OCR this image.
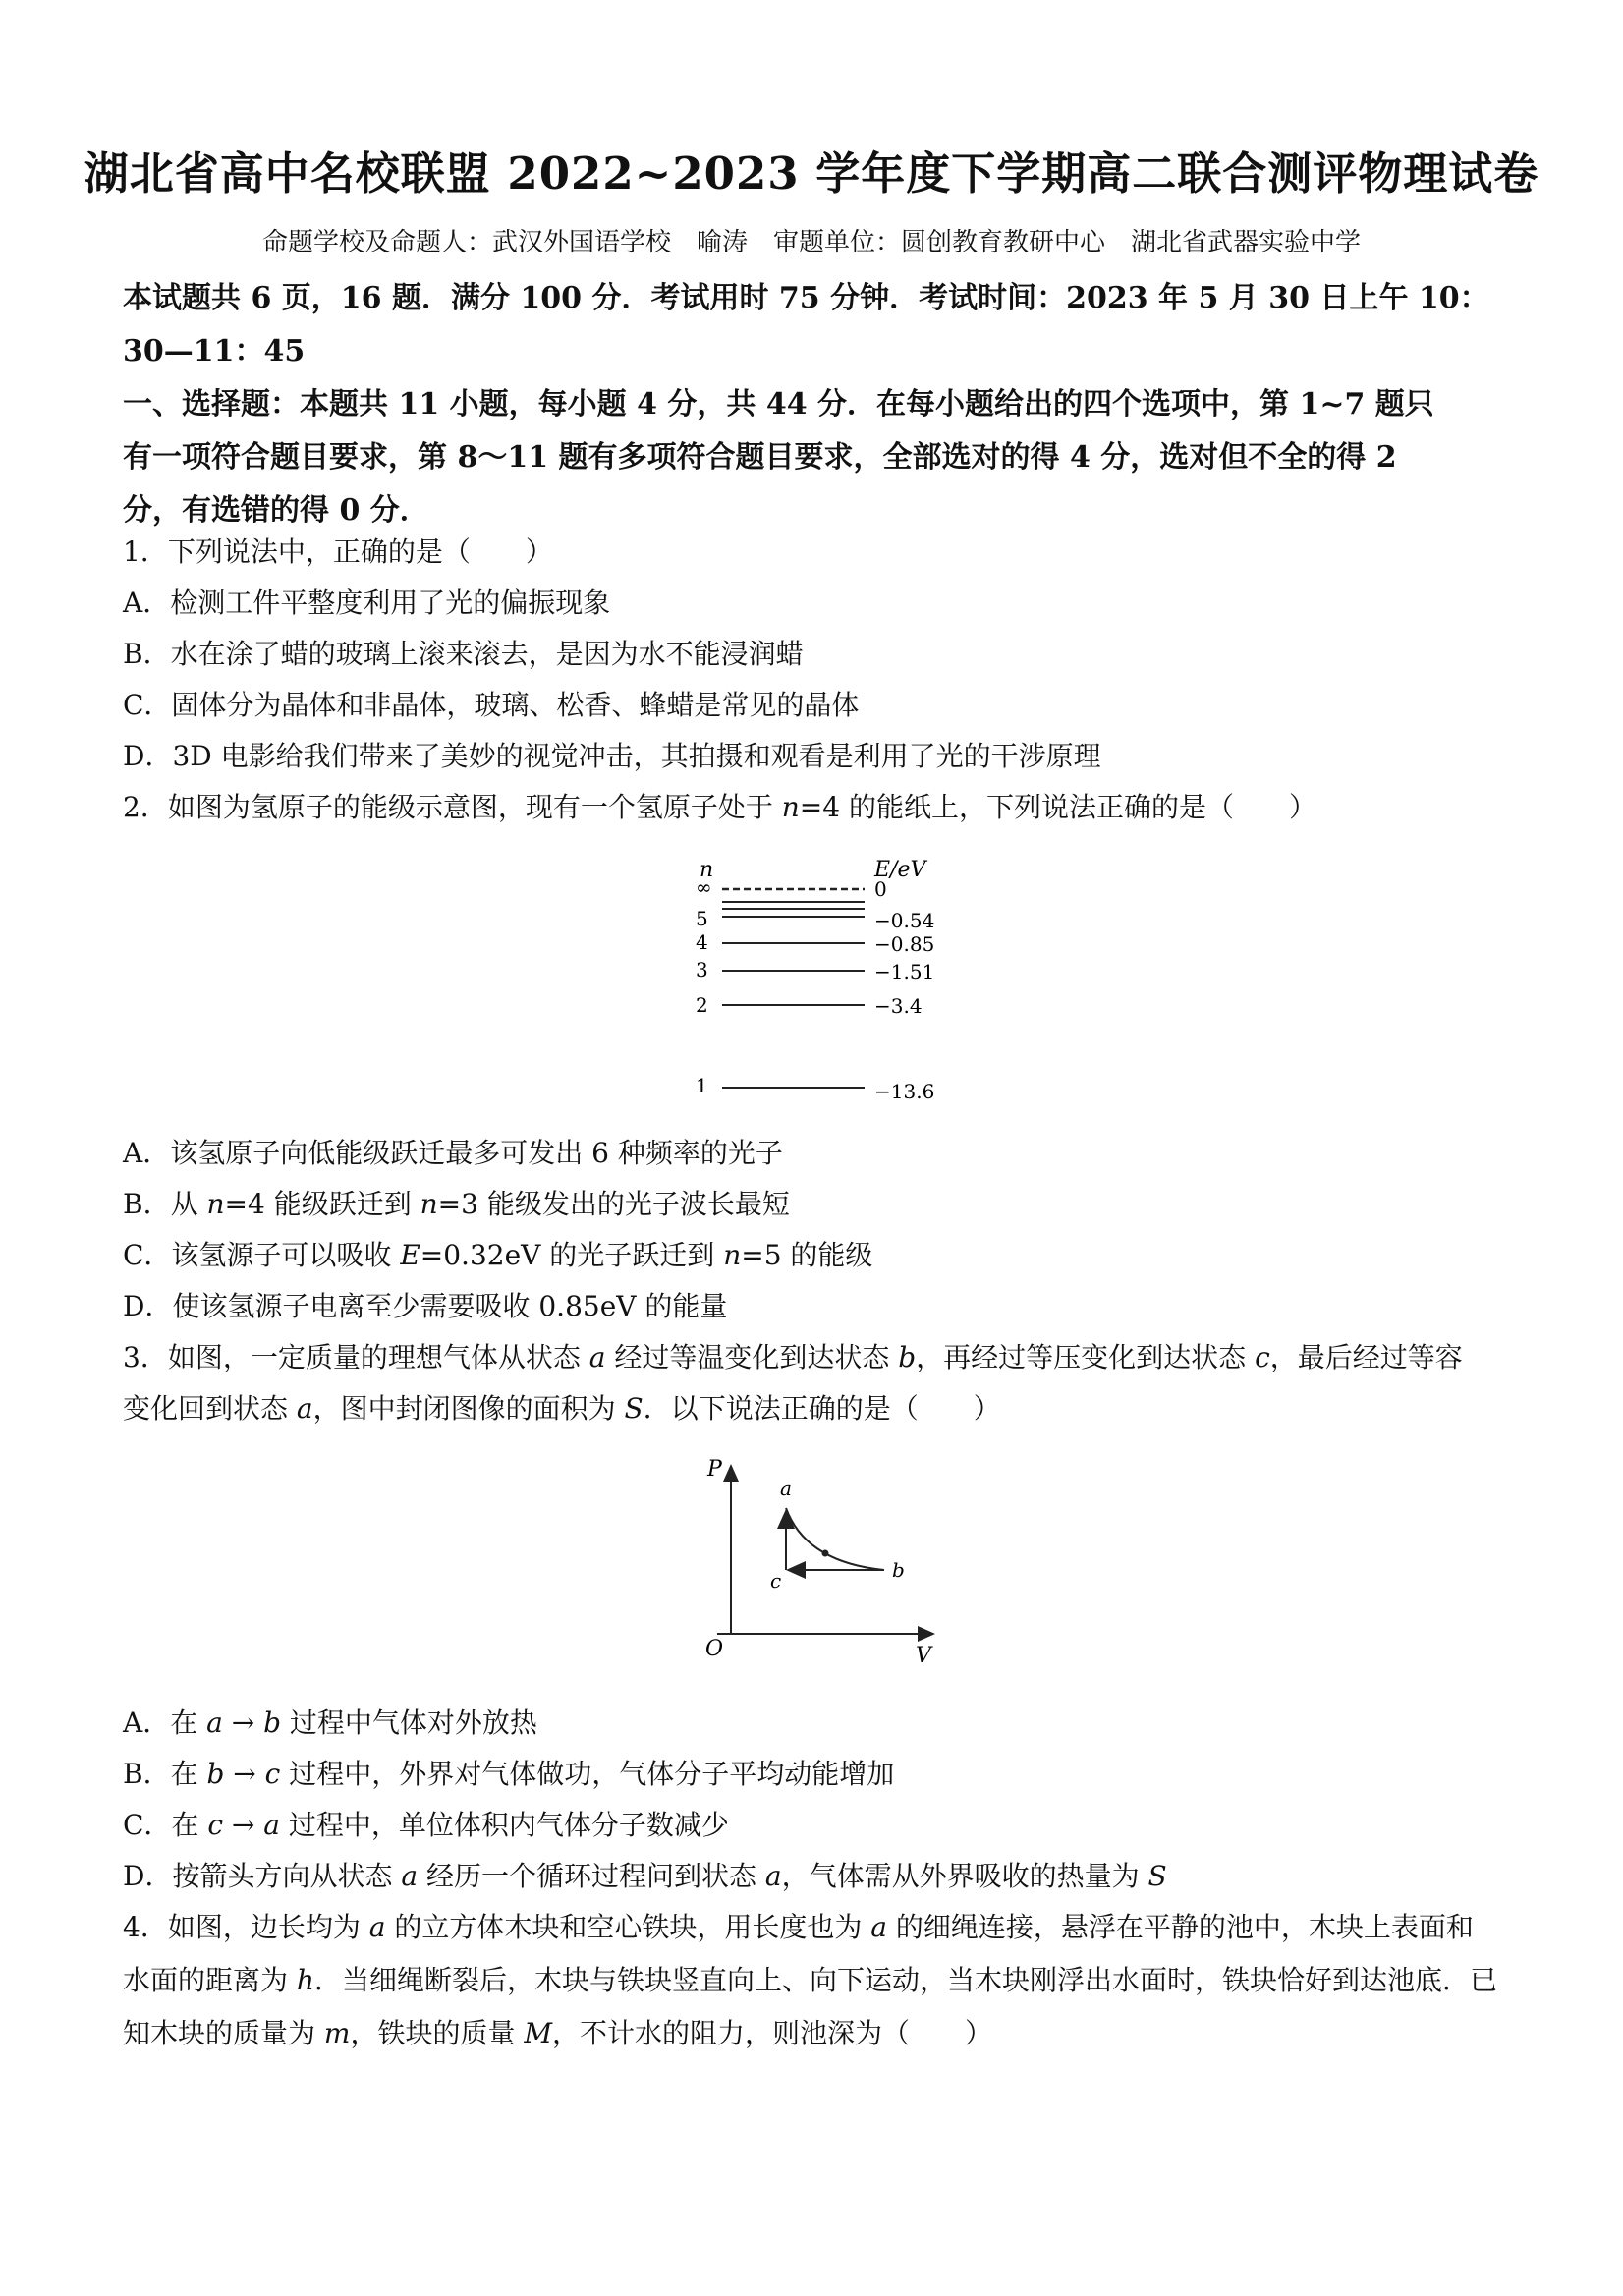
湖北省高中名校联盟 2022~2023 学年度下学期高二联合测评物理试卷
命题学校及命题人：武汉外国语学校　喻涛　审题单位：圆创教育教研中心　湖北省武器实验中学
本试题共 6 页，16 题．满分 100 分．考试用时 75 分钟．考试时间：2023 年 5 月 30 日上午 10：
30—11：45
一、选择题：本题共 11 小题，每小题 4 分，共 44 分．在每小题给出的四个选项中，第 1~7 题只
有一项符合题目要求，第 8～11 题有多项符合题目要求，全部选对的得 4 分，选对但不全的得 2
分，有选错的得 0 分．
1．下列说法中，正确的是（　　）
A．检测工件平整度利用了光的偏振现象
B．水在涂了蜡的玻璃上滚来滚去，是因为水不能浸润蜡
C．固体分为晶体和非晶体，玻璃、松香、蜂蜡是常见的晶体
D．3D 电影给我们带来了美妙的视觉冲击，其拍摄和观看是利用了光的干涉原理
2．如图为氢原子的能级示意图，现有一个氢原子处于 n=4 的能纸上，下列说法正确的是（　　）
n	E/eV
∞	0
5	−0.54
4	−0.85
3	−1.51
2	−3.4
1	−13.6
A．该氢原子向低能级跃迁最多可发出 6 种频率的光子
B．从 n=4 能级跃迁到 n=3 能级发出的光子波长最短
C．该氢源子可以吸收 E=0.32eV 的光子跃迁到 n=5 的能级
D．使该氢源子电离至少需要吸收 0.85eV 的能量
3．如图，一定质量的理想气体从状态 a 经过等温变化到达状态 b，再经过等压变化到达状态 c，最后经过等容
变化回到状态 a，图中封闭图像的面积为 S．以下说法正确的是（　　）
P
V
O
a
b
c
A．在 a → b 过程中气体对外放热
B．在 b → c 过程中，外界对气体做功，气体分子平均动能增加
C．在 c → a 过程中，单位体积内气体分子数减少
D．按箭头方向从状态 a 经历一个循环过程问到状态 a，气体需从外界吸收的热量为 S
4．如图，边长均为 a 的立方体木块和空心铁块，用长度也为 a 的细绳连接，悬浮在平静的池中，木块上表面和
水面的距离为 h．当细绳断裂后，木块与铁块竖直向上、向下运动，当木块刚浮出水面时，铁块恰好到达池底．已
知木块的质量为 m，铁块的质量 M，不计水的阻力，则池深为（　　）
